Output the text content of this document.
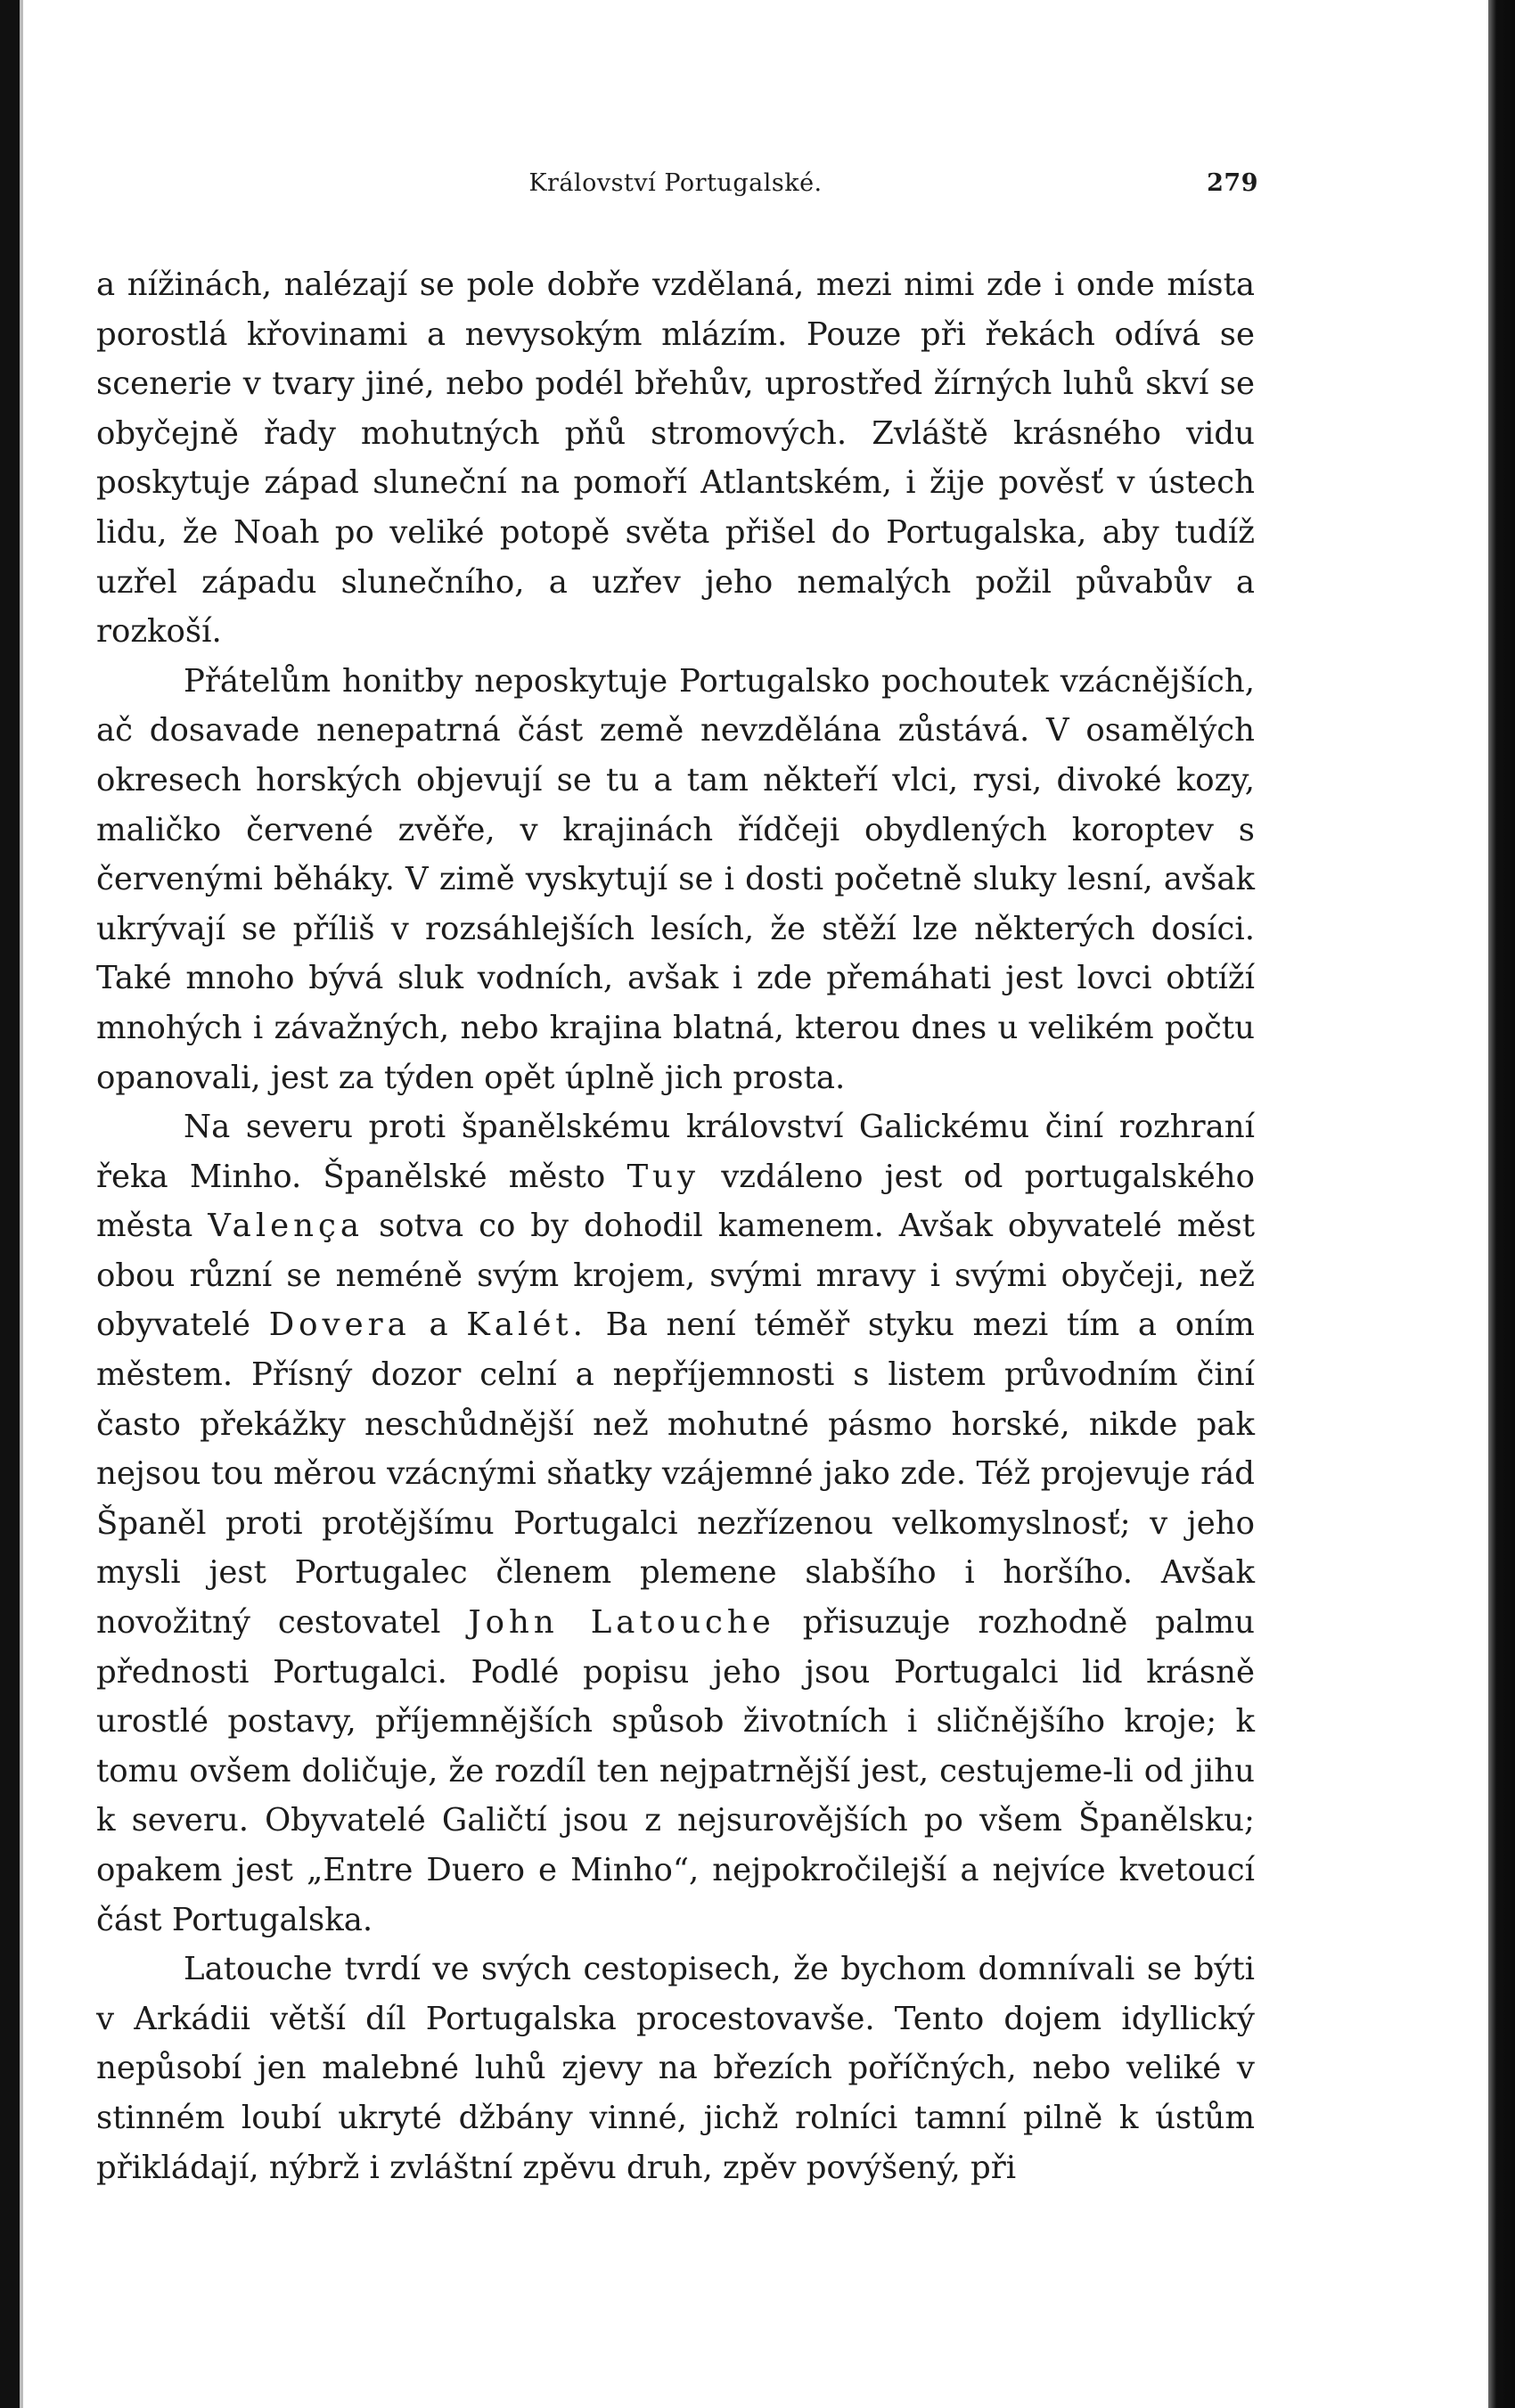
Království Portugalské.	279

a nížinách, nalézají se pole dobře vzdělaná, mezi nimi zde i onde místa porostlá křovinami a nevysokým mlázím. Pouze při řekách odívá se scenerie v tvary jiné, nebo podél břehův, uprostřed žírných luhů skví se obyčejně řady mohutných pňů stromových. Zvláště krásného vidu poskytuje západ sluneční na pomoří Atlantském, i žije pověsť v ústech lidu, že Noah po veliké potopě světa přišel do Portugalska, aby tudíž uzřel západu slunečního, a uzřev jeho nemalých požil půvabův a rozkoší.

Přátelům honitby neposkytuje Portugalsko pochoutek vzácnějších, ač dosavade nenepatrná část země nevzdělána zůstává. V osamělých okresech horských objevují se tu a tam někteří vlci, rysi, divoké kozy, maličko červené zvěře, v krajinách řídčeji obydlených koroptev s červenými běháky. V zimě vyskytují se i dosti početně sluky lesní, avšak ukrývají se příliš v rozsáhlejších lesích, že stěží lze některých dosíci. Také mnoho bývá sluk vodních, avšak i zde přemáhati jest lovci obtíží mnohých i závažných, nebo krajina blatná, kterou dnes u velikém počtu opanovali, jest za týden opět úplně jich prosta.

Na severu proti španělskému království Galickému činí rozhraní řeka Minho. Španělské město Tuy vzdáleno jest od portugalského města Valença sotva co by dohodil kamenem. Avšak obyvatelé měst obou různí se neméně svým krojem, svými mravy i svými obyčeji, než obyvatelé Dovera a Kalét. Ba není téměř styku mezi tím a oním městem. Přísný dozor celní a nepříjemnosti s listem průvodním činí často překážky neschůdnější než mohutné pásmo horské, nikde pak nejsou tou měrou vzácnými sňatky vzájemné jako zde. Též projevuje rád Španěl proti protějšímu Portugalci nezřízenou velkomyslnosť; v jeho mysli jest Portugalec členem plemene slabšího i horšího. Avšak novožitný cestovatel John Latouche přisuzuje rozhodně palmu přednosti Portugalci. Podlé popisu jeho jsou Portugalci lid krásně urostlé postavy, příjemnějších spůsob životních i sličnějšího kroje; k tomu ovšem doličuje, že rozdíl ten nejpatrnější jest, cestujeme-li od jihu k severu. Obyvatelé Galičtí jsou z nejsurovějších po všem Španělsku; opakem jest „Entre Duero e Minho“, nejpokročilejší a nejvíce kvetoucí část Portugalska.

Latouche tvrdí ve svých cestopisech, že bychom domnívali se býti v Arkádii větší díl Portugalska procestovavše. Tento dojem idyllický nepůsobí jen malebné luhů zjevy na březích poříčných, nebo veliké v stinném loubí ukryté džbány vinné, jichž rolníci tamní pilně k ústům přikládají, nýbrž i zvláštní zpěvu druh, zpěv povýšený, při
